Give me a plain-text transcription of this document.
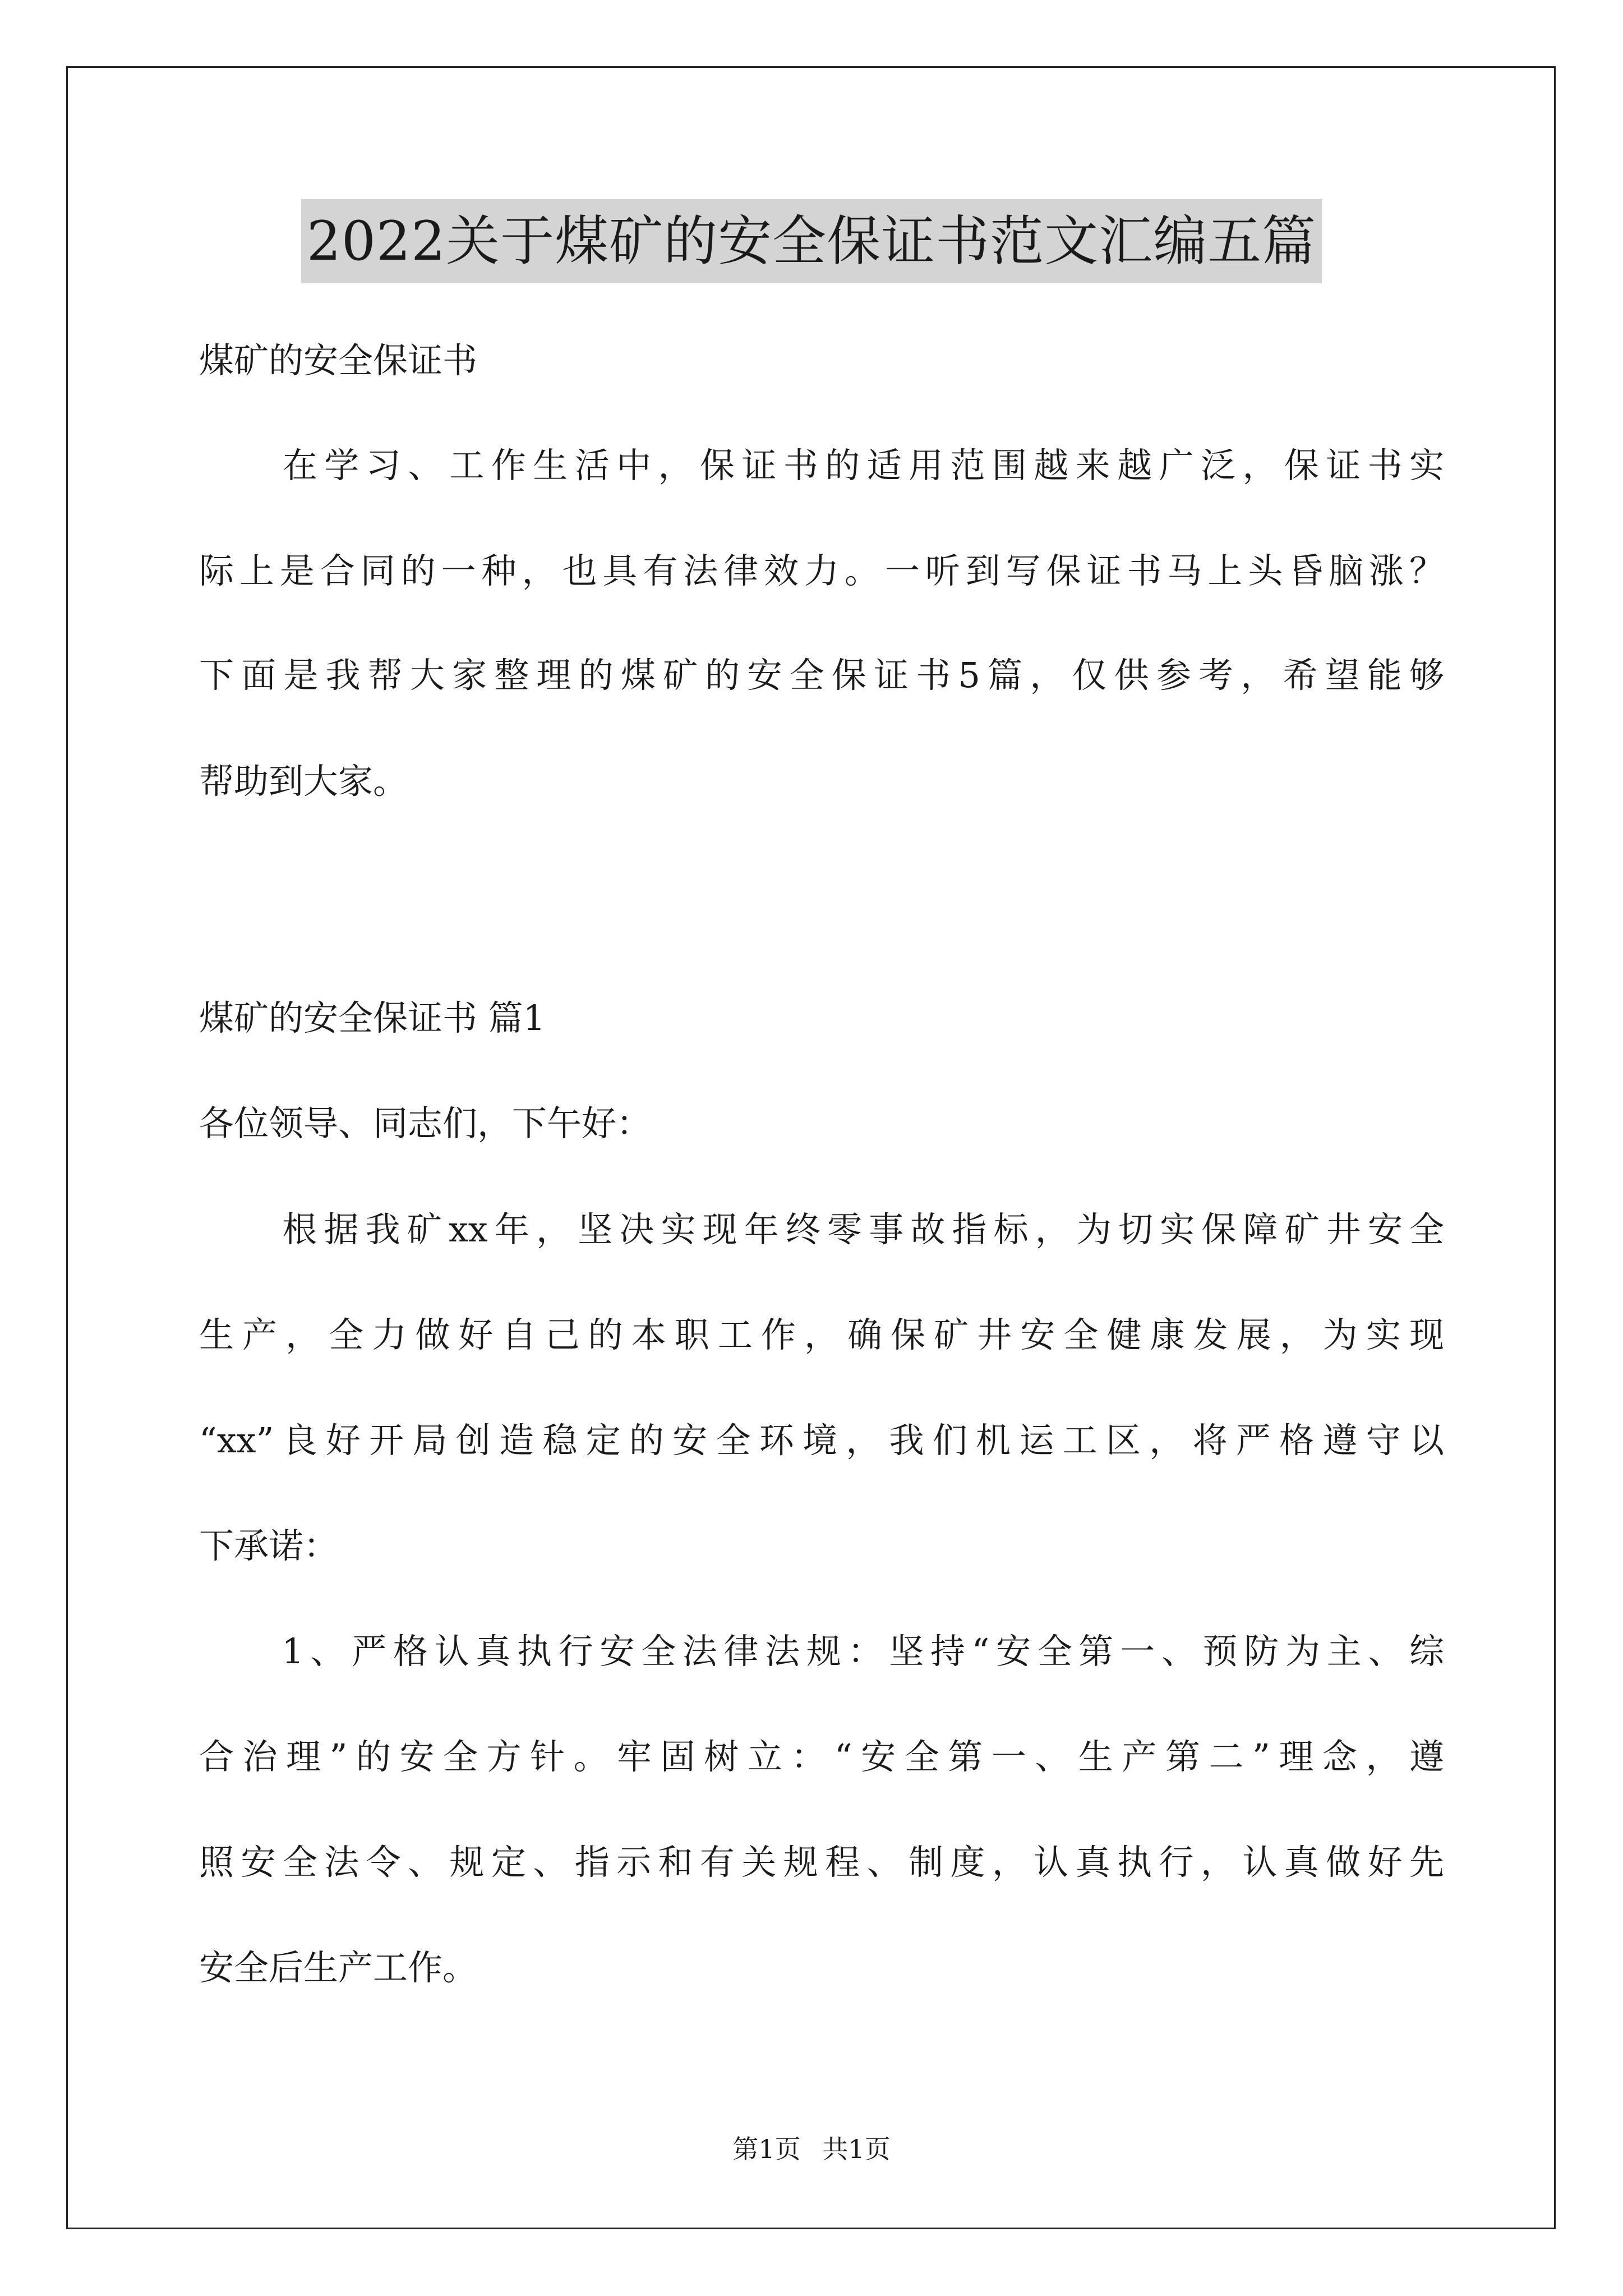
2022关于煤矿的安全保证书范文汇编五篇
煤矿的安全保证书
　　在学习、工作生活中，保证书的适用范围越来越广泛，保证书实
际上是合同的一种，也具有法律效力。一听到写保证书马上头昏脑涨？
下面是我帮大家整理的煤矿的安全保证书5篇，仅供参考，希望能够
帮助到大家。
煤矿的安全保证书 篇1
各位领导、同志们，下午好：
　　根据我矿xx年，坚决实现年终零事故指标，为切实保障矿井安全
生产，全力做好自己的本职工作，确保矿井安全健康发展，为实现
“xx”良好开局创造稳定的安全环境，我们机运工区，将严格遵守以
下承诺：
　　1、严格认真执行安全法律法规：坚持“安全第一、预防为主、综
合治理”的安全方针。牢固树立：“安全第一、生产第二”理念，遵
照安全法令、规定、指示和有关规程、制度，认真执行，认真做好先
安全后生产工作。
第1页 共1页
